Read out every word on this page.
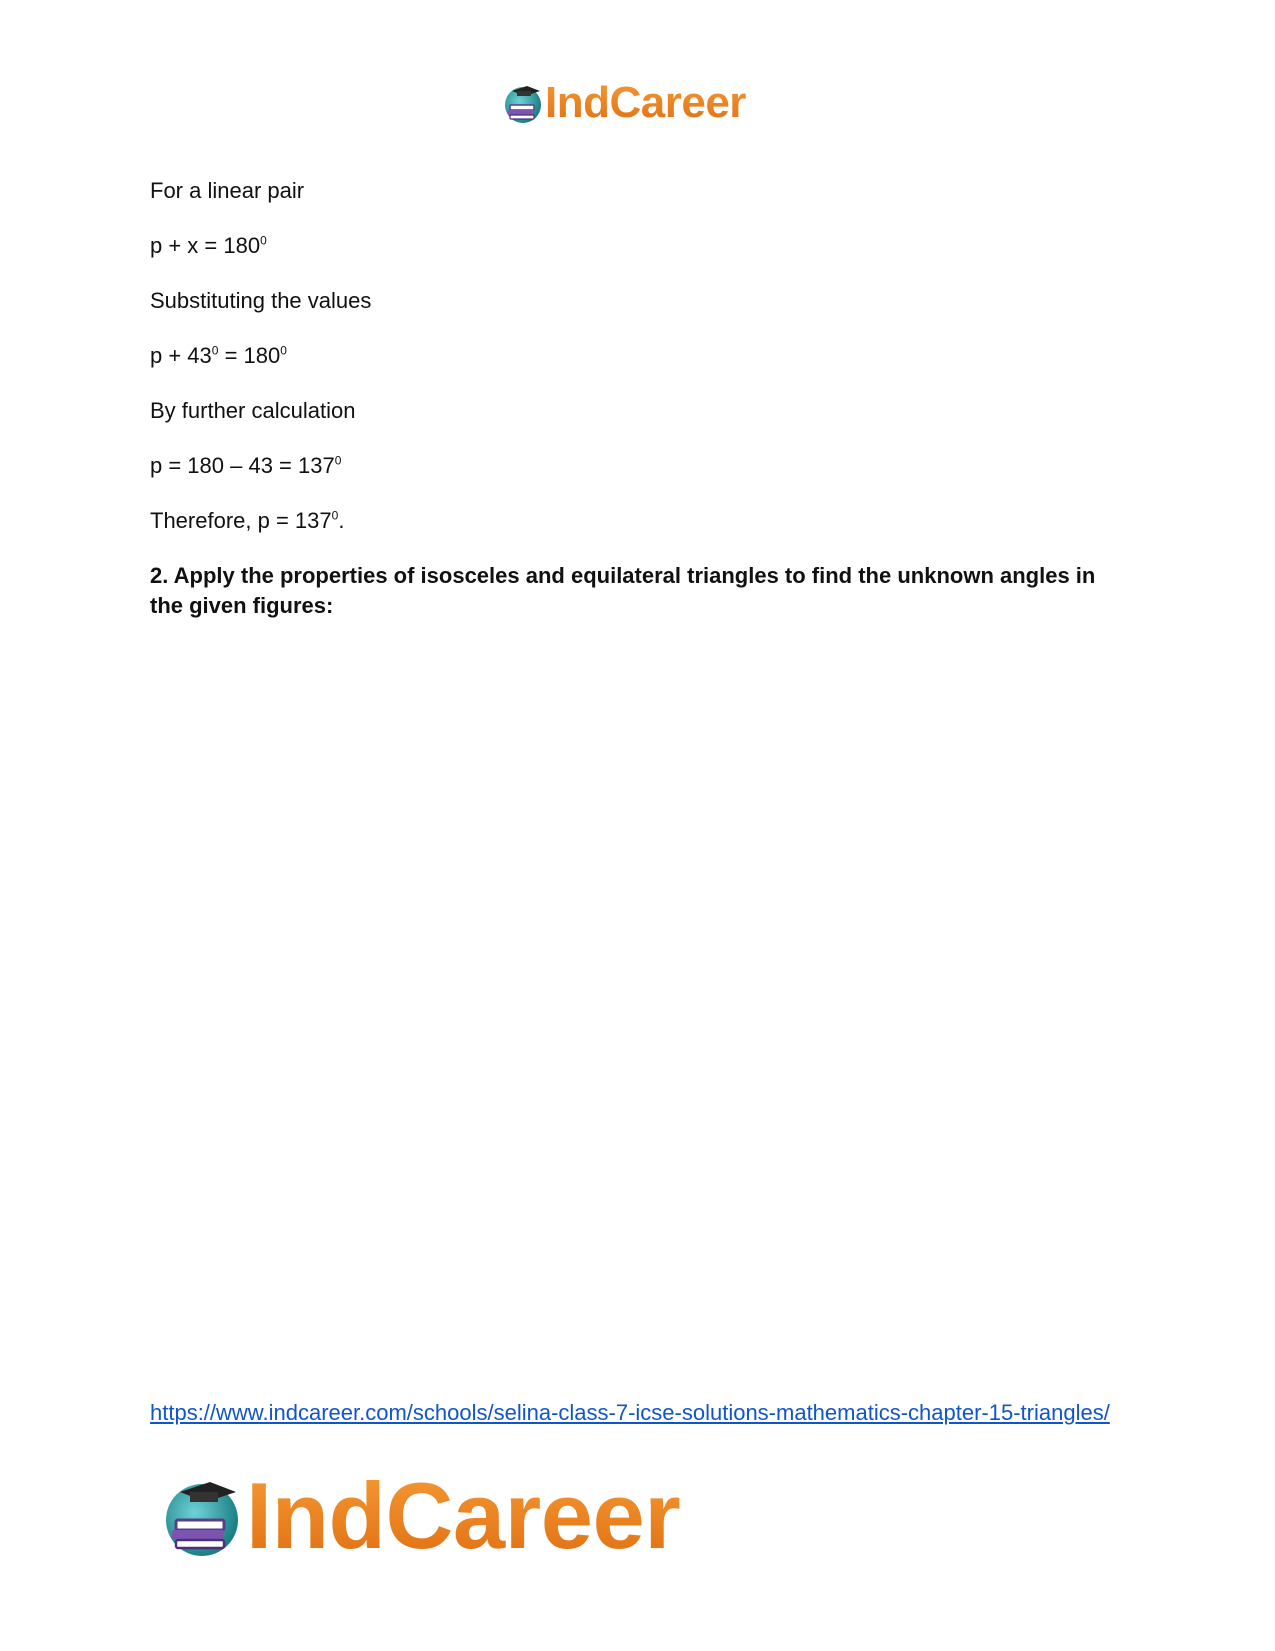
IndCareer

For a linear pair

$p + x = 180^0$

Substituting the values

$p + 43^0 = 180^0$

By further calculation

$p = 180 - 43 = 137^0$

Therefore, $p = 137^0$.

2. Apply the properties of isosceles and equilateral triangles to find the unknown angles in the given figures:

https://www.indcareer.com/schools/selina-class-7-icse-solutions-mathematics-chapter-15-triangles/
IndCareer
